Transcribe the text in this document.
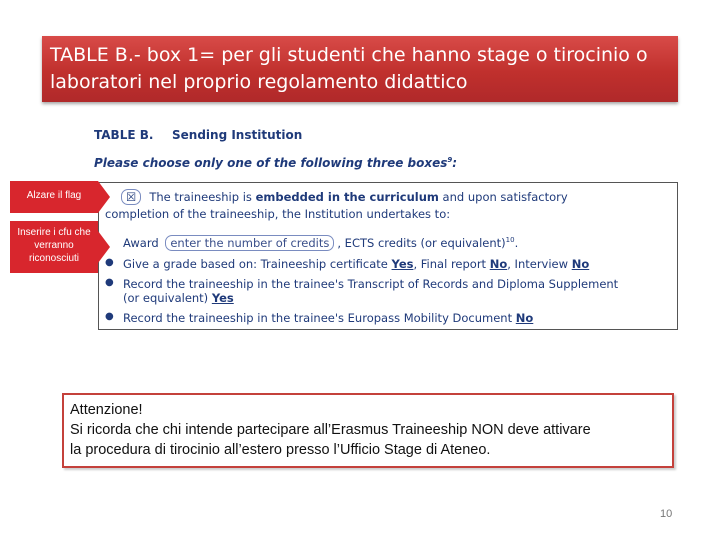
TABLE B.- box 1= per gli studenti che hanno stage o tirocinio o
laboratori nel proprio regolamento didattico
TABLE B. Sending Institution
Please choose only one of the following three boxes$^9$:
☒ The traineeship is embedded in the curriculum and upon satisfactory
completion of the traineeship, the Institution undertakes to:
Award enter the number of credits , ECTS credits (or equivalent)$^{10}$.
● Give a grade based on: Traineeship certificate Yes, Final report No, Interview No
● Record the traineeship in the trainee's Transcript of Records and Diploma Supplement
(or equivalent) Yes
● Record the traineeship in the trainee's Europass Mobility Document No
Alzare il flag
Inserire i cfu che verranno riconosciuti
Attenzione!
Si ricorda che chi intende partecipare all’Erasmus Traineeship NON deve attivare
la procedura di tirocinio all’estero presso l’Ufficio Stage di Ateneo.
10
